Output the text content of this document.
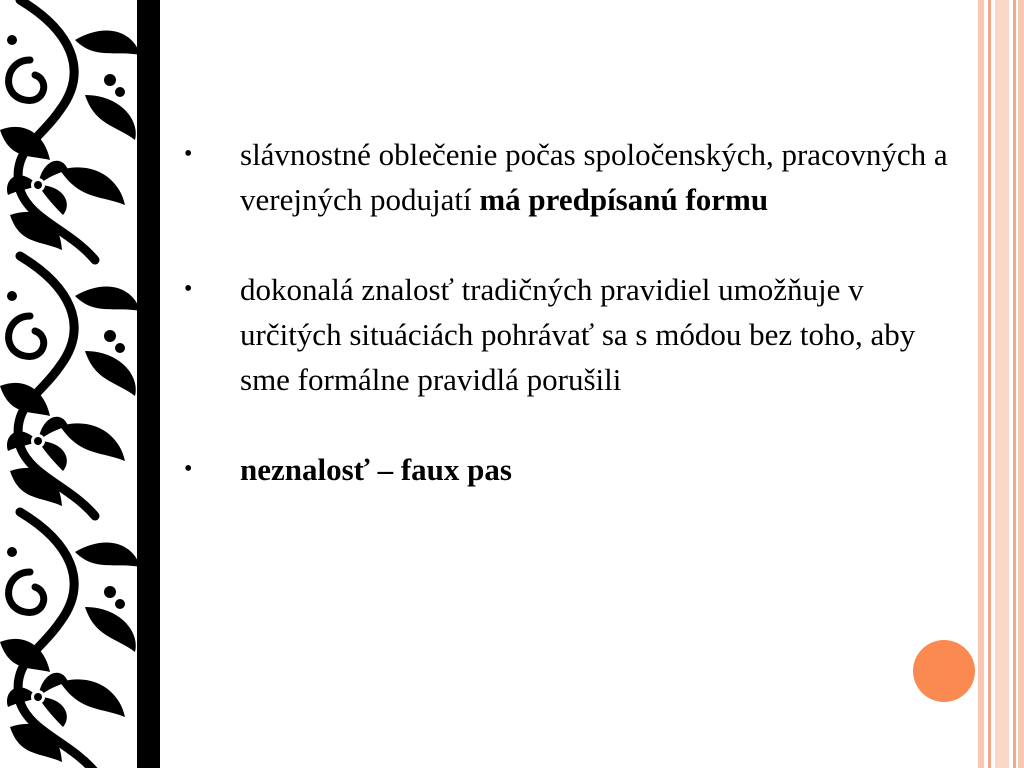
•	slávnostné oblečenie počas spoločenských, pracovných a verejných podujatí má predpísanú formu
•	dokonalá znalosť tradičných pravidiel umožňuje v určitých situáciách pohrávať sa s módou bez toho, aby sme formálne pravidlá porušili
•	neznalosť – faux pas
